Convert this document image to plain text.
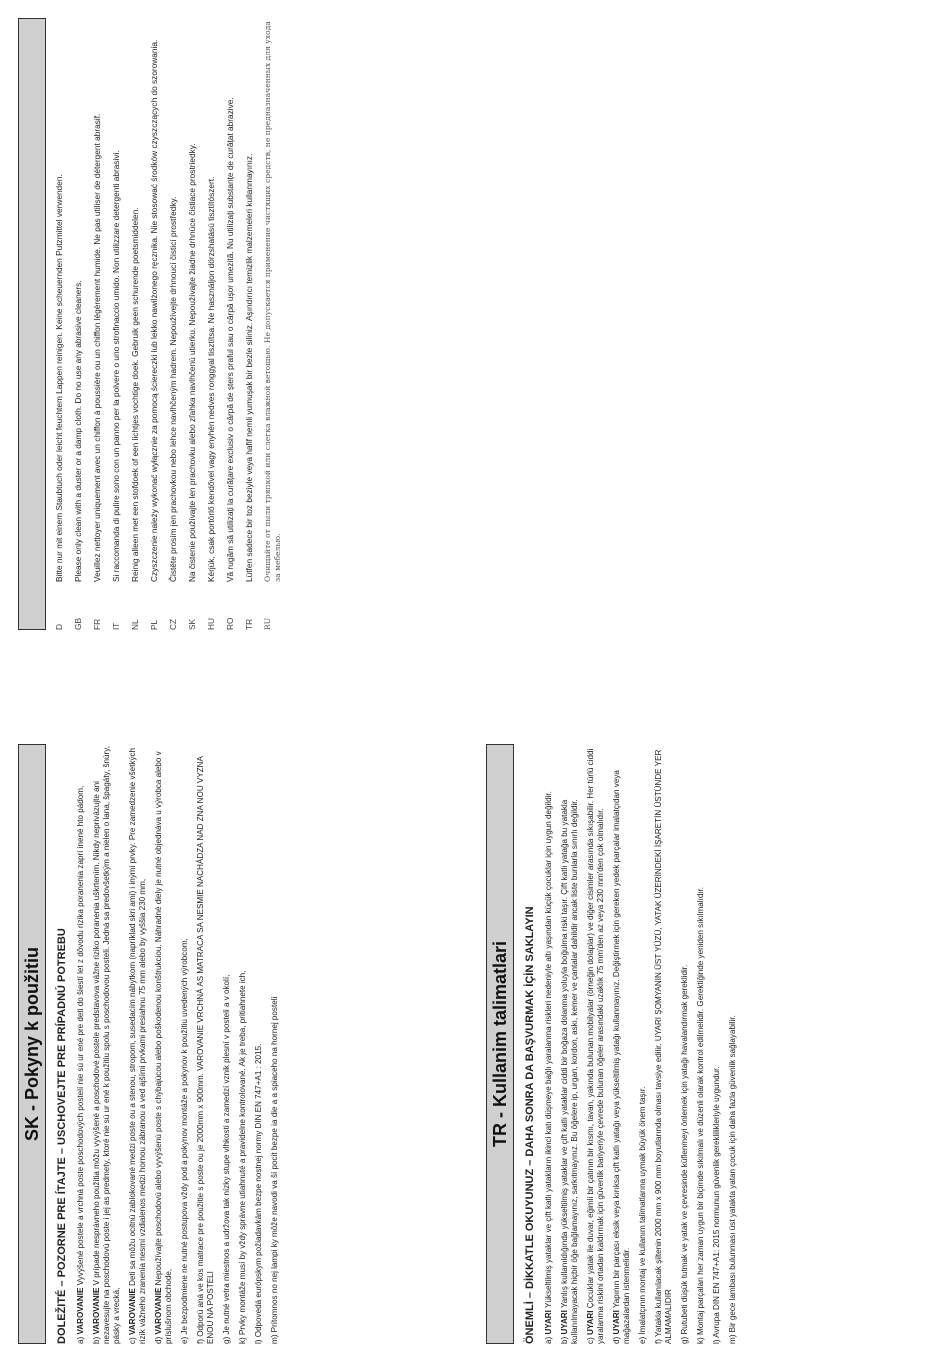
SK - Pokyny k použitiu DOLEŽITÉ – POZORNE PRE ÍTAJTE – USCHOVEJTE PRE PRÍPADNÚ POTREBU a) VAROVANIE Vyvýšené postele a vrchná poste poschodových postelí nie sú ur ené pre deti do šiestí let z dôvodu rizika poranenia zaprí inené hto pádom,
b) VAROVANIE V prípade nesprávneho použitia môžu vyvýšené a poschodové postele predstavova vážne riziko poranenia uškrtením. Nikdy neprivázujte ani nezavesujte na poschodovú poste i jej as predmety, ktoré nie sú ur ené k použitiu spolu s poschodovou posteli. Jedná sa predovšetkým a nielen o lana, špagáty, šnúry, pásky a vrecká, c) VAROVANIE Deti sa môžu ocitnú zablokované medzi poste ou a stenou, stropom, susedacím nábytkom (napríklad skri ami) i inými prvky. Pre zamedzenie všetkých rizík vážneho zranenia nesmí vzdialenos medzi hornou zábranou a ved ajšími prvkami presiahnu 75 mm alebo by vyššia 230 mm, d) VAROVANIE Nepoužívajte poschodovú alebo vyvýšenú poste s chýbajúcou alebo poškodenou konštrukciou. Náhradné diely je nutné objednáva u výrobca alebo v príslušnom obchode, e) Je bezpodmiene ne nutné postupova vždy pod a pokynov montáže a pokynov k použitiu uvedených výrobcom,
f) Odporú aná ve kos matrace pre použitie s poste ou je 2000mm x 900mm. VAROVANIE VRCHNÁ AS MATRACA SA NESMIE NACHÁDZA NAD ZNA NOU VYZNA ENOU NA POSTELI g) Je nutné vetra miestnos a udržova tak nízky stupe vlhkosti a zamedzí vznik plesní v posteli a v okolí,
k) Prvky montáže musí by vždy správne utiahnuté a pravidelne kontrolované. Ak je treba, pritiahnete ich,
l) Odpovedá európskym požiadavkám bezpe nostnej normy DIN EN 747+A1 : 2015.
m) Prítomnos no nej lampi ky môže navodi va ší pocit bezpe ia die a a spiaceho na hornej posteli	TR - Kullanim talimatlari ÖNEMLİ – DİKKATLE OKUYUNUZ – DAHA SONRA DA BAŞVURMAK İÇİN SAKLAYIN a) UYARI Yükseltilmiş yataklar ve çift katlı yatakların ikinci katı düşmeye bağlı yaralanma riskleri nedeniyle altı yaşından küçük çocuklar için uygun değildir.
b) UYARI Yanlış kullanıldığında yükseltilmiş yataklar ve çift katlı yataklar ciddi bir boğaza dolanma yoluyla boğulma riski taşır. Çift katlı yatağa bu yatakla kullanılmayacak hiçbir öğe bağlamayınız, sarkıtmayınız. Bu öğelere ip, urgan, kordon, askı, kemer ve çantalar dahildir ancak liste bunlarla sınırlı değildir. c) UYARI Çocuklar yatak ile duvar, eğimli bir çatının bir kısmı, tavan, yakında bulunan mobilyalar (örneğin dolaplar) ve diğer cisimler arasında sıkışabilir. Her türlü ciddi yaralanma riskini ortadan kaldırmak için güvenlik bariyeriyle çevrede bulunan öğeler arasındaki uzaklık 75 mm'den az veya 230 mm'den çok olmalıdır. d) UYARI Yapının bir parçası eksik veya kırıksa çift katlı yatağı veya yükseltilmiş yatağı kullanmayınız. Değiştirmek için gereken yedek parçalar imalatçıdan veya mağazalardan istenmelidir. e) İmalatçının montaj ve kullanım talimatlarına uymak büyük önem taşır.
f) Yatakla kullanılacak şiltenin 2000 mm x 900 mm boyutlarında olması tavsiye edilir. UYARI ŞOMYANIN ÜST YÜZÜ, YATAK ÜZERİNDEKİ İŞARETİN ÜSTÜNDE YER ALMAMALIDIR g) Rutubeti düşük tutmak ve yatak ve çevresinde küflenmeyi önlemek için yatağı havalandırmak gereklidir.
k) Montaj parçaları her zaman uygun bir biçimde sıkılmalı ve düzenli olarak kontrol edilmelidir. Gerektiğinde yeniden sıkılmalıdır.
l) Avrupa DIN EN 747+A1: 2015 normunun güvenlik gereklilikleriyle uygundur.
m) Bir gece lambası bulunması üst yatakta yatan çocuk için daha fazla güvenlik sağlayabilir.
D
Bitte nur mit einem Staubtuch oder leicht feuchtem Lappen reinigen. Keine scheuernden Putzmittel verwenden.
GB
Please only clean with a duster or a damp cloth. Do no use any abrasive cleaners.
FR
Veuillez nettoyer uniquement avec un chiffon à poussière ou un chiffon légèrement humide. Ne pas utiliser de détergent abrasif.
IT
Si raccomanda di pulire sono con un panno per la polvere o uno strofinaccio umido. Non utilizzare detergenti abrasivi.
NL
Reinig alleen met een stofdoek of een lichtjes vochtige doek. Gebruik geen schurende poetsmiddelen.
PL
Czyszczenie należy wykonać wyłącznie za pomocą ściereczki lub lekko nawilżonego ręcznika. Nie stosować środków czyszczących do szorowania.
CZ
Čistěte prosím jen prachovkou nebo lehce navlhčeným hadrem. Nepoužívejte drhnoucí čisticí prostředky.
SK
Na čistenie používajte len prachovku alebo zľahka navlhčenú utierku. Nepoužívajte žiadne drhnúce čistiace prostriedky.
HU
Kérjük, csak portörlő kendővel vagy enyhén nedves ronggyal tisztítsa. Ne használjon dörzshatású tisztítószert.
RO
Vă rugăm să utilizați la curățare exclusiv o cârpă de șters praful sau o cârpă ușor umezită. Nu utilizați substanțe de curățat abrazive.
TR
Lütfen sadece bir toz beziyle veya hafif nemli yumuşak bir bezle siliniz. Aşındırıcı temizlik malzemeleri kullanmayınız.
RU
Очищайте от пыли тряпкой или слегка влажной ветошью. Не допускается применение чистящих средств, не предназначенных для ухода за мебелью.
